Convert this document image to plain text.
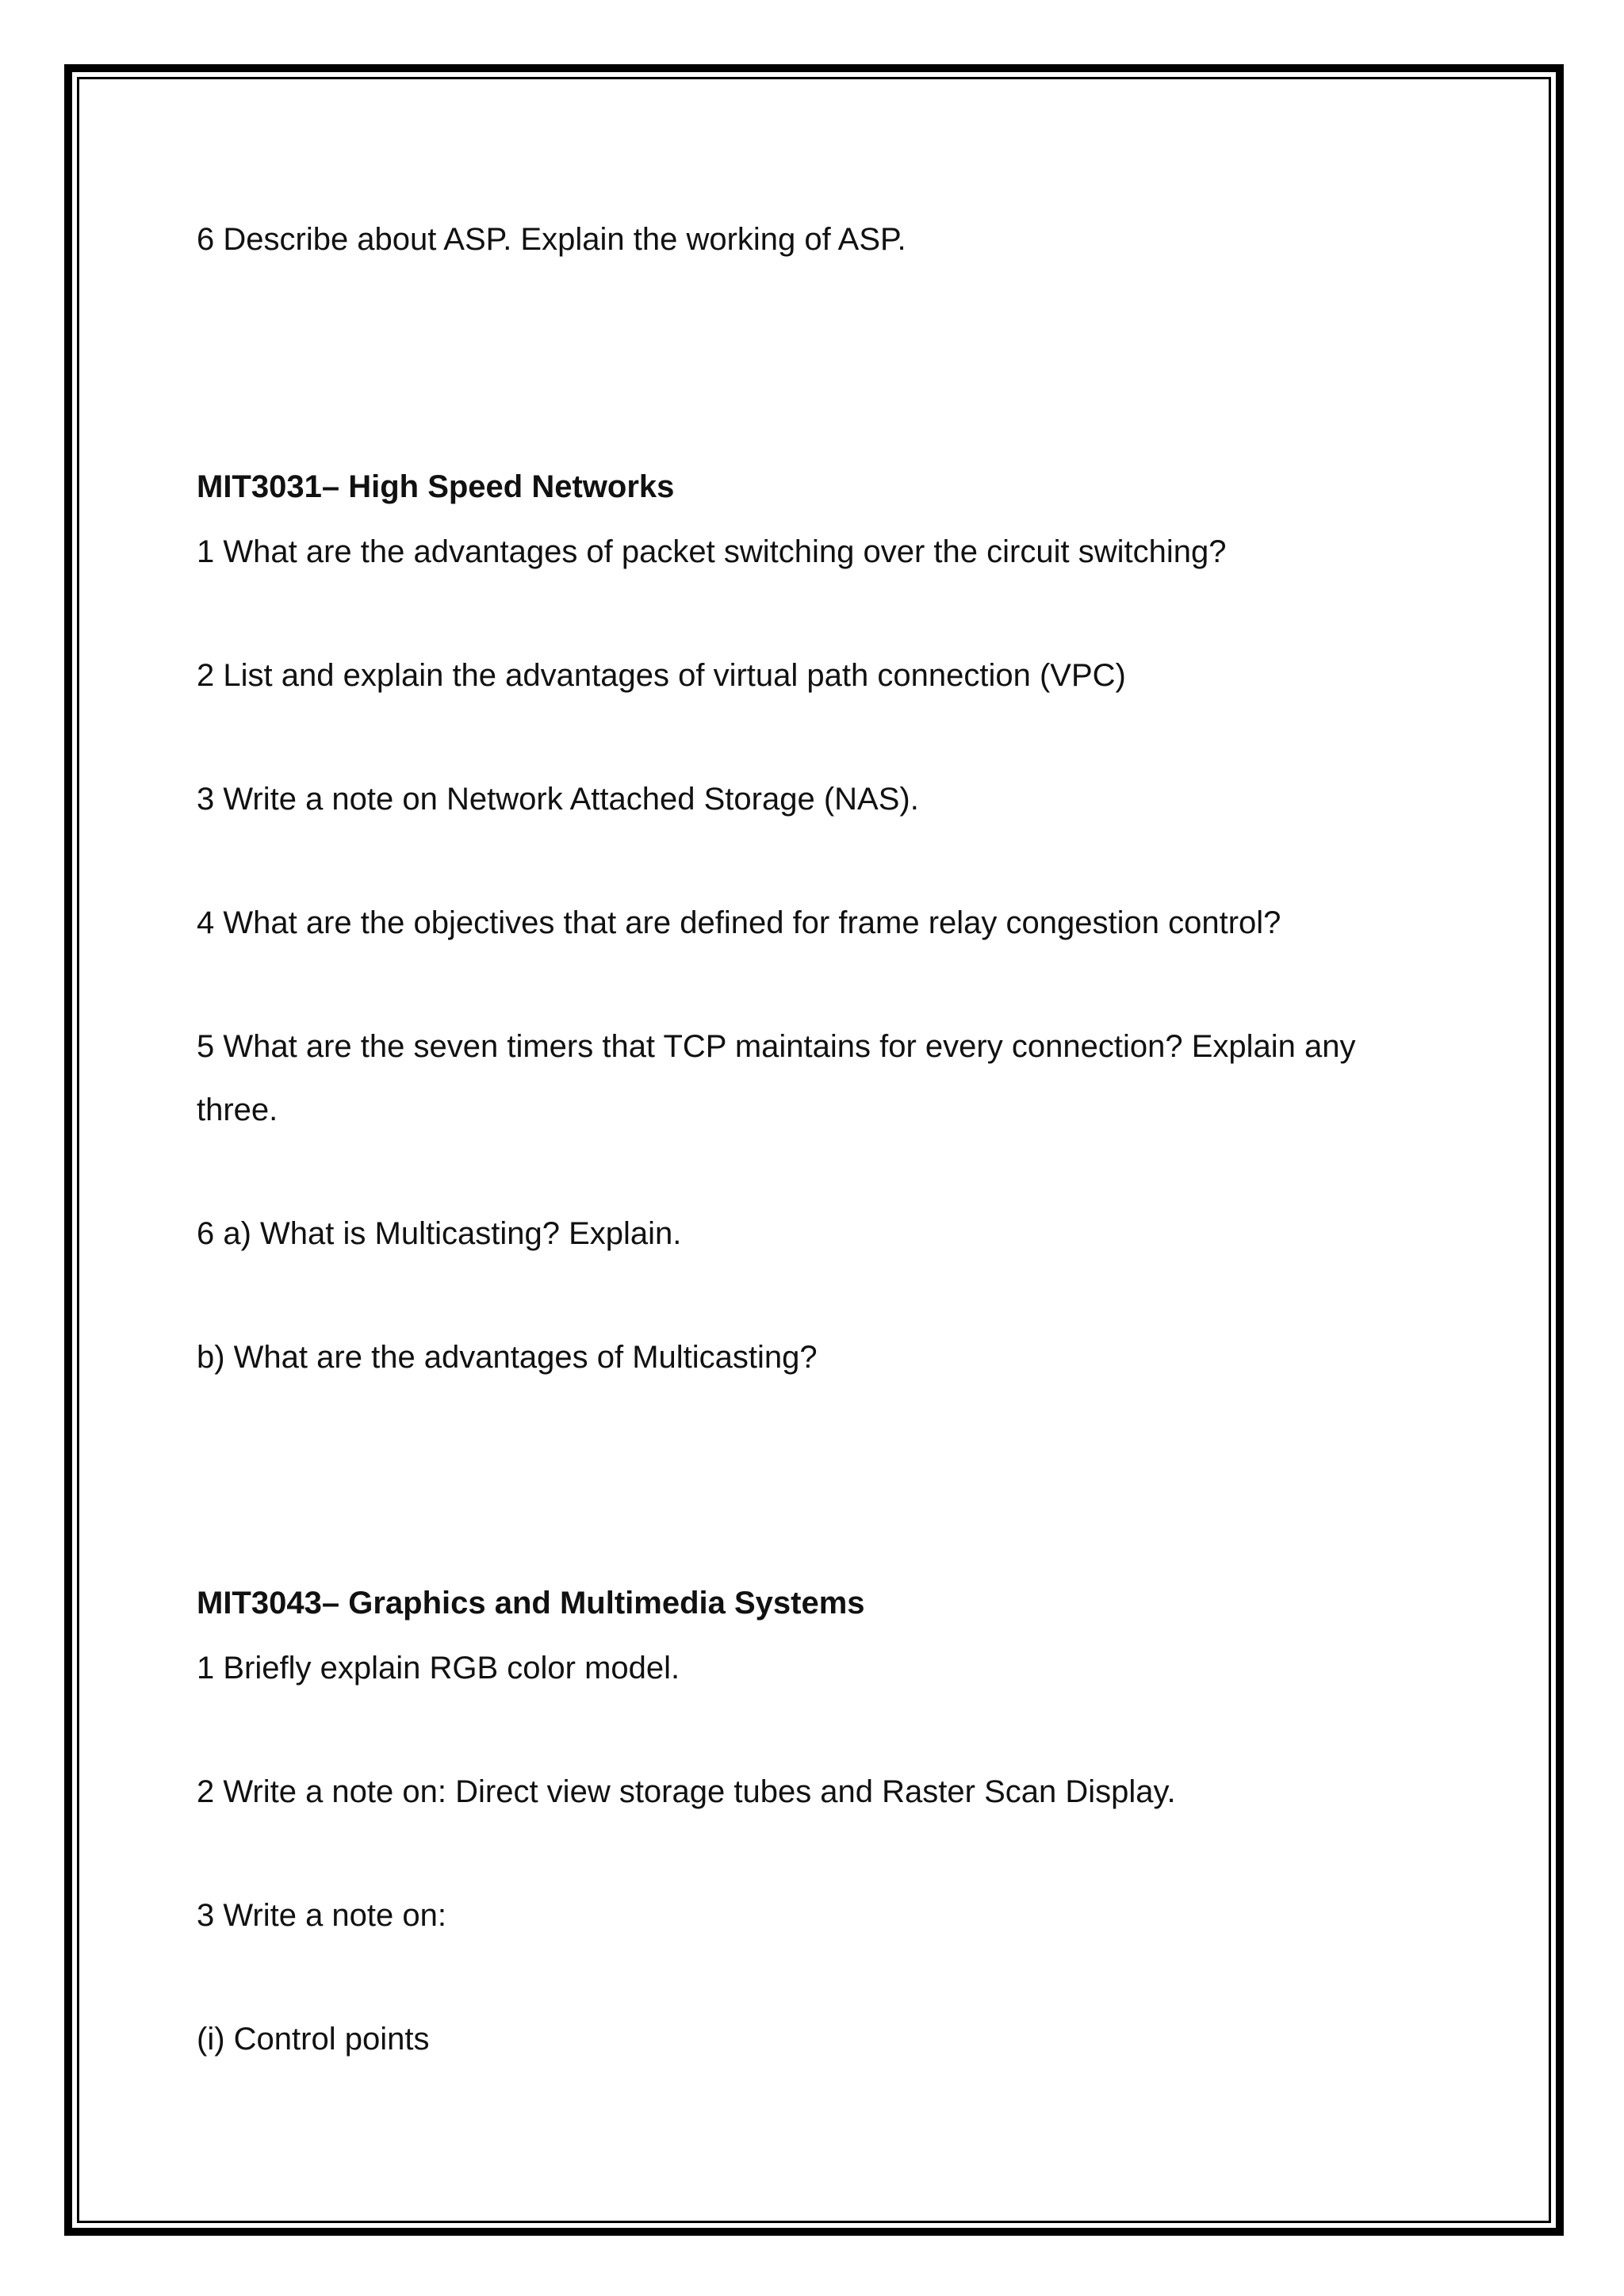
6 Describe about ASP. Explain the working of ASP.
MIT3031– High Speed Networks
1 What are the advantages of packet switching over the circuit switching?
2 List and explain the advantages of virtual path connection (VPC)
3 Write a note on Network Attached Storage (NAS).
4 What are the objectives that are defined for frame relay congestion control?
5 What are the seven timers that TCP maintains for every connection? Explain any
three.
6 a) What is Multicasting? Explain.
b) What are the advantages of Multicasting?
MIT3043– Graphics and Multimedia Systems
1 Briefly explain RGB color model.
2 Write a note on: Direct view storage tubes and Raster Scan Display.
3 Write a note on:
(i) Control points
